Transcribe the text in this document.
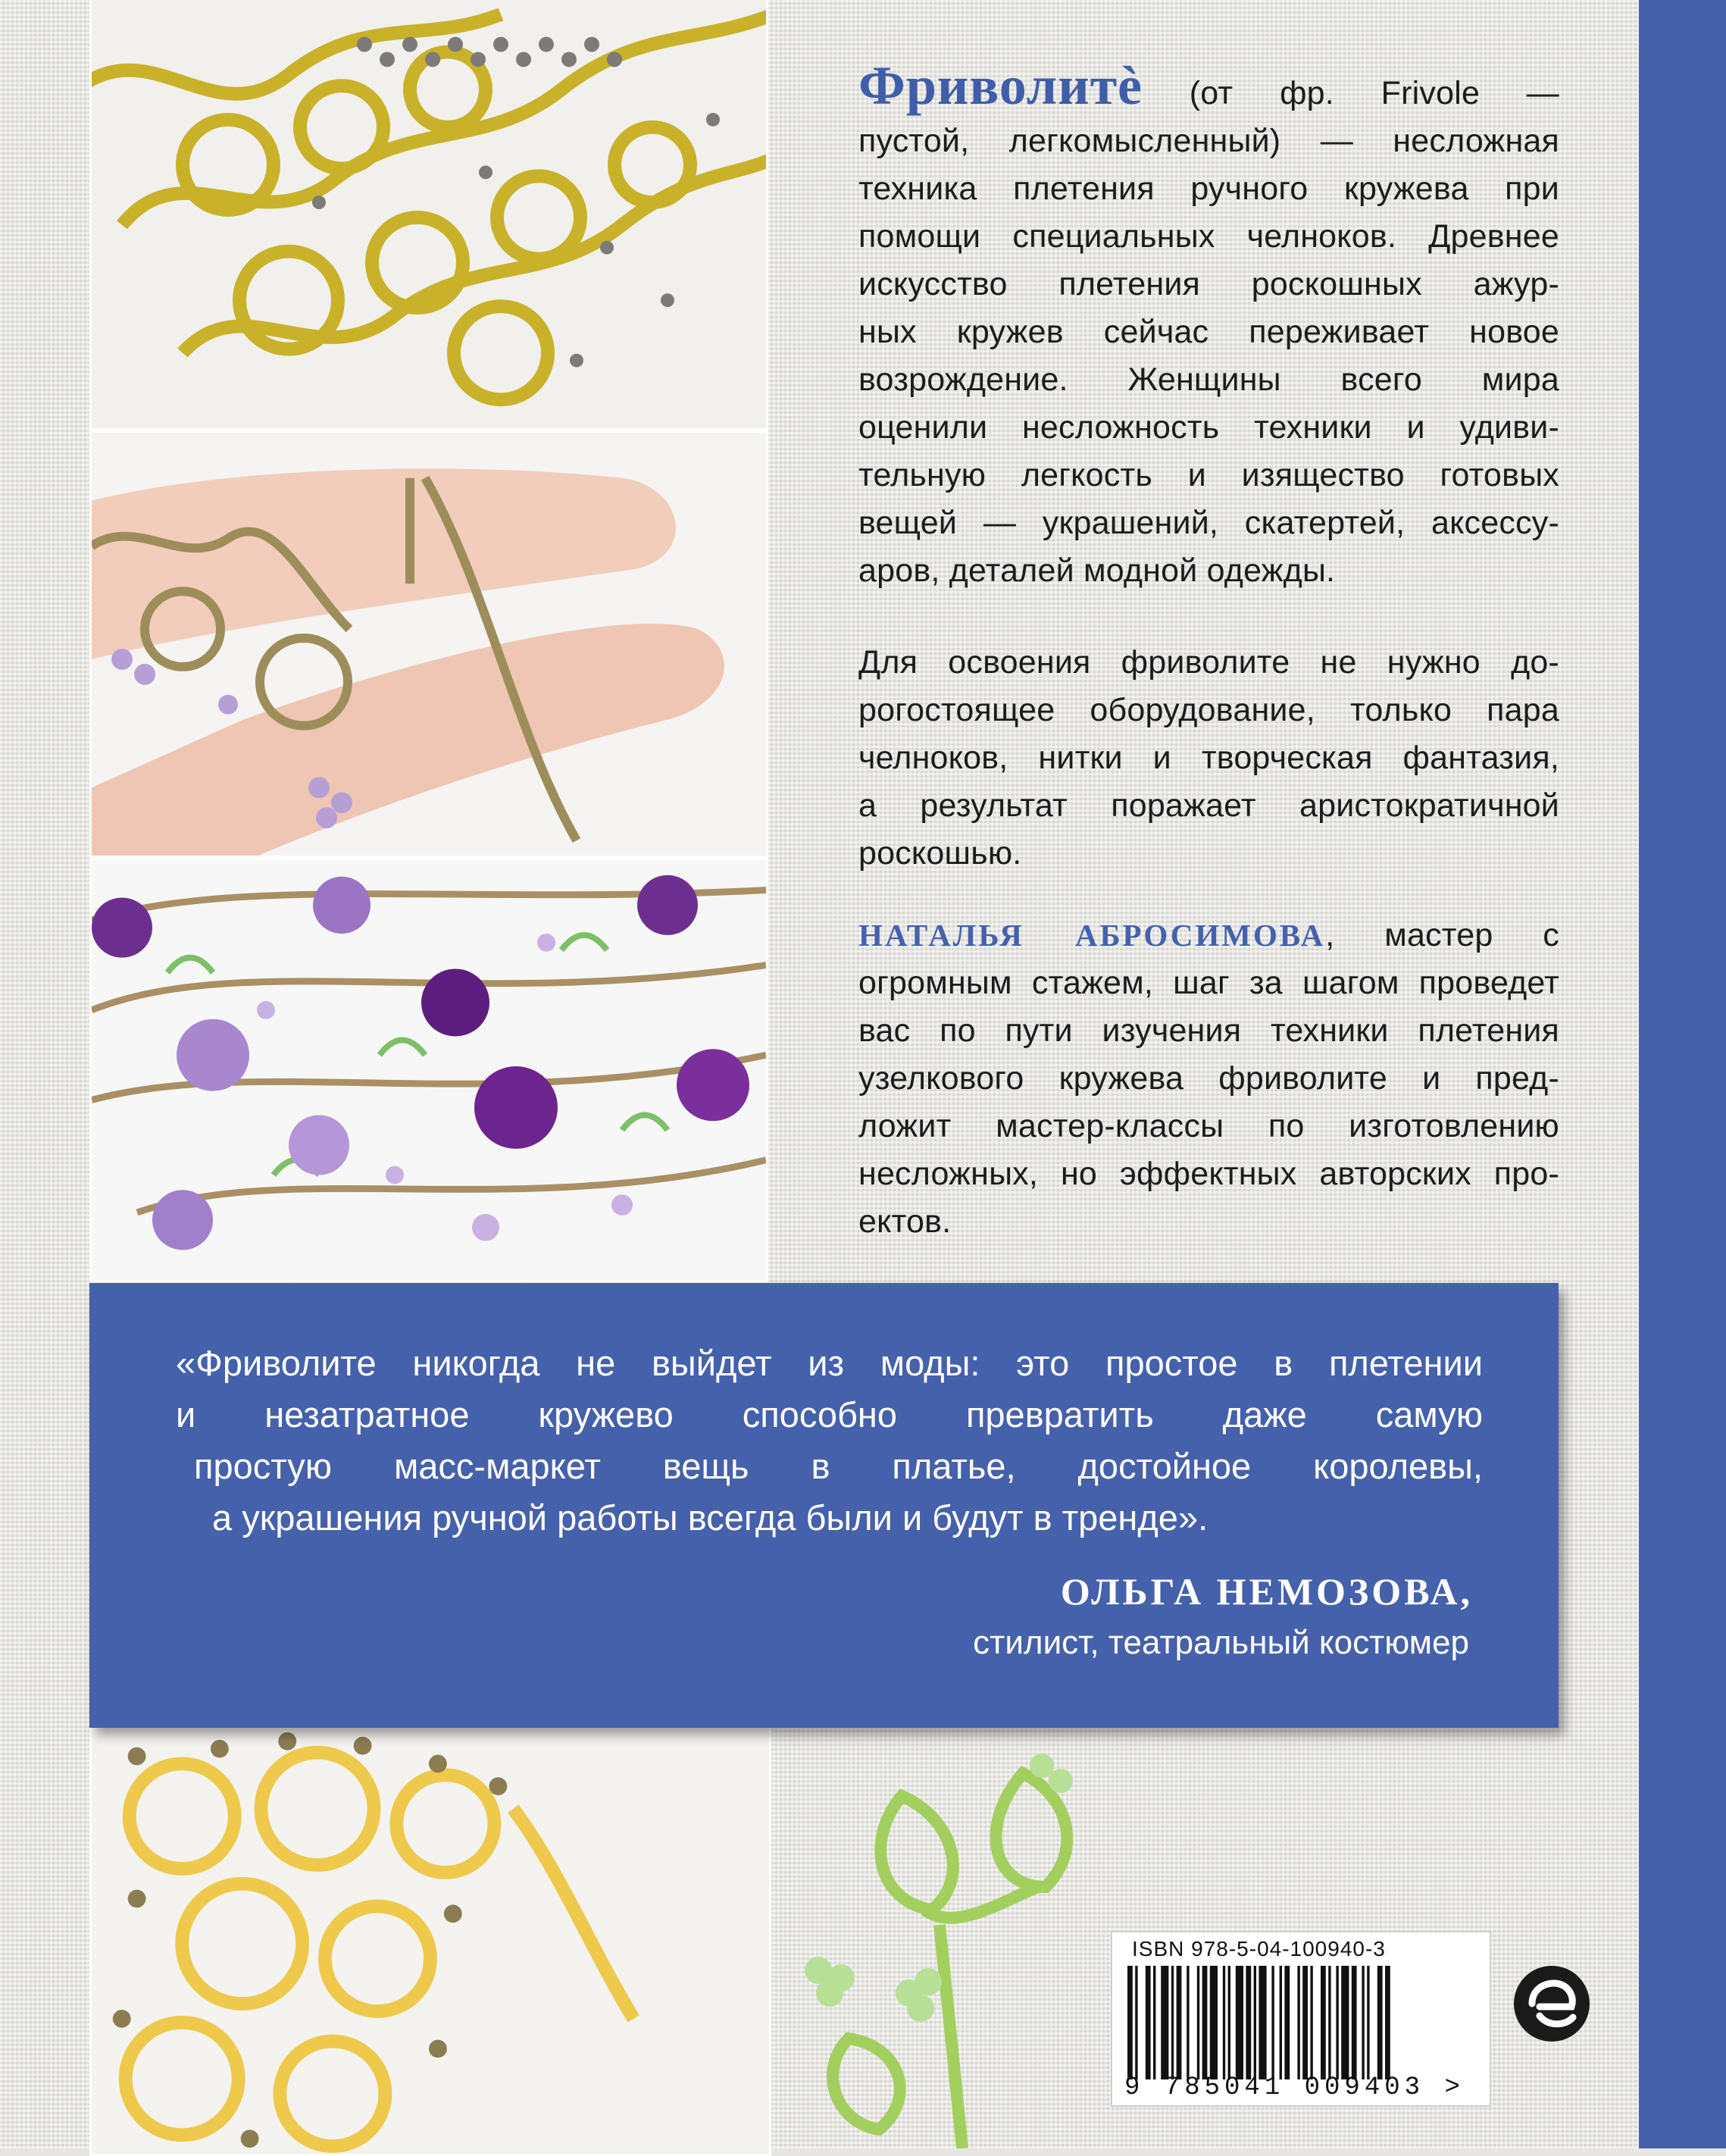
Фриволитѐ (от фр. Frivole —
пустой, легкомысленный) — несложная
техника плетения ручного кружева при
помощи специальных челноков. Древнее
искусство плетения роскошных ажур-
ных кружев сейчас переживает новое
возрождение. Женщины всего мира
оценили несложность техники и удиви-
тельную легкость и изящество готовых
вещей — украшений, скатертей, аксессу-
аров, деталей модной одежды.
Для освоения фриволите не нужно до-
рогостоящее оборудование, только пара
челноков, нитки и творческая фантазия,
а результат поражает аристократичной
роскошью.
НАТАЛЬЯ АБРОСИМОВА, мастер с
огромным стажем, шаг за шагом проведет
вас по пути изучения техники плетения
узелкового кружева фриволите и пред-
ложит мастер-классы по изготовлению
несложных, но эффектных авторских про-
ектов.
«Фриволите никогда не выйдет из моды: это простое в плетении
и незатратное кружево способно превратить даже самую
простую масс-маркет вещь в платье, достойное королевы,
а украшения ручной работы всегда были и будут в тренде».
ОЛЬГА НЕМОЗОВА,
стилист, театральный костюмер
ISBN 978-5-04-100940-3
9 785041 009403 >
